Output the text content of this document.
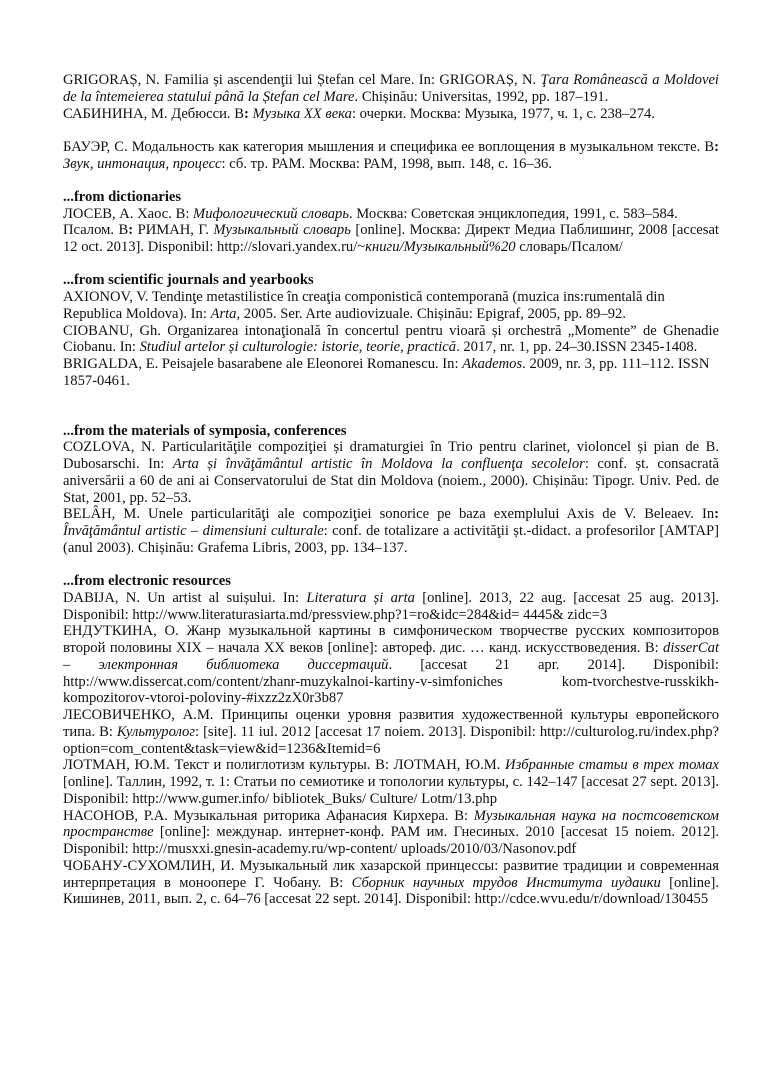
GRIGORAȘ, N. Familia și ascendenţii lui Ștefan cel Mare. In: GRIGORAȘ, N. Ţara Românească a Moldovei de la întemeierea statului până la Ștefan cel Mare. Chișinău: Universitas, 1992, pp. 187–191.

САБИНИНА, М. Дебюсси. В: Музыка XX века: очерки. Москва: Музыка, 1977, ч. 1, с. 238–274.

БАУЭР, С. Модальность как категория мышления и специфика ее воплощения в музыкальном тексте. В: Звук, интонация, процесс: сб. тр. РАМ. Москва: РАМ, 1998, вып. 148, с. 16–36.

...from dictionaries

ЛОСЕВ, А. Хаос. В: Мифологический словарь. Москва: Советская энциклопедия, 1991, с. 583–584.

Псалом. В: РИМАН, Г. Музыкальный словарь [online]. Москва: Директ Медиа Паблишинг, 2008 [accesat 12 oct. 2013]. Disponibil: http://slovari.yandex.ru/~книги/Музыкальный%20 словарь/Псалом/

...from scientific journals and yearbooks

AXIONOV, V. Tendinţe metastilistice în creaţia componistică contemporană (muzica ins:rumentală din Republica Moldova). In: Arta, 2005. Ser. Arte audiovizuale. Chișinău: Epigraf, 2005, pp. 89–92.

CIOBANU, Gh. Organizarea intonaţională în concertul pentru vioară și orchestră „Momente” de Ghenadie Ciobanu. In: Studiul artelor și culturologie: istorie, teorie, practică. 2017, nr. 1, pp. 24–30.ISSN 2345-1408.

BRIGALDA, E. Peisajele basarabene ale Eleonorei Romanescu. In: Akademos. 2009, nr. 3, pp. 111–112. ISSN 1857-0461.

...from the materials of symposia, conferences

COZLOVA, N. Particularităţile compoziţiei și dramaturgiei în Trio pentru clarinet, violoncel și pian de B. Dubosarschi. In: Arta și învăţământul artistic în Moldova la confluenţa secolelor: conf. șt. consacrată aniversării a 60 de ani ai Conservatorului de Stat din Moldova (noiem., 2000). Chișinău: Tipogr. Univ. Ped. de Stat, 2001, pp. 52–53.

BELÂH, M. Unele particularităţi ale compoziţiei sonorice pe baza exemplului Axis de V. Beleaev. In: Învăţământul artistic – dimensiuni culturale: conf. de totalizare a activităţii șt.-didact. a profesorilor [AMTAP] (anul 2003). Chișinău: Grafema Libris, 2003, pp. 134–137.

...from electronic resources

DABIJA, N. Un artist al suișului. In: Literatura și arta [online]. 2013, 22 aug. [accesat 25 aug. 2013]. Disponibil: http://www.literaturasiarta.md/pressview.php?1=ro&idc=284&id= 4445& zidc=3

ЕНДУТКИНА, О. Жанр музыкальной картины в симфоническом творчестве русских композиторов второй половины XIX – начала XX веков [online]: автореф. дис. … канд. искусствоведения. В: disserCat – электронная библиотека диссертаций. [accesat 21 apr. 2014]. Disponibil: http://www.dissercat.com/content/zhanr-muzykalnoi-kartiny-v-simfoniches kom-tvorchestve-russkikh-kompozitorov-vtoroi-poloviny-#ixzz2zX0r3b87

ЛЕСОВИЧЕНКО, А.М. Принципы оценки уровня развития художественной культуры европейского типа. В: Культуролог: [site]. 11 iul. 2012 [accesat 17 noiem. 2013]. Disponibil: http://culturolog.ru/index.php?option=com_content&task=view&id=1236&Itemid=6

ЛОТМАН, Ю.М. Текст и полиглотизм культуры. В: ЛОТМАН, Ю.М. Избранные статьи в трех томах [online]. Таллин, 1992, т. 1: Статьи по семиотике и топологии культуры, с. 142–147 [accesat 27 sept. 2013]. Disponibil: http://www.gumer.info/ bibliotek_Buks/ Culture/ Lotm/13.php

НАСОНОВ, Р.А. Музыкальная риторика Афанасия Кирхера. В: Музыкальная наука на постсоветском пространстве [online]: междунар. интернет-конф. РАМ им. Гнесиных. 2010 [accesat 15 noiem. 2012]. Disponibil: http://musxxi.gnesin-academy.ru/wp-content/ uploads/2010/03/Nasonov.pdf

ЧОБАНУ-СУХОМЛИН, И. Музыкальный лик хазарской принцессы: развитие традиции и современная интерпретация в моноопере Г. Чобану. В: Сборник научных трудов Института иудаики [online]. Кишинев, 2011, вып. 2, с. 64–76 [accesat 22 sept. 2014]. Disponibil: http://cdce.wvu.edu/r/download/130455
